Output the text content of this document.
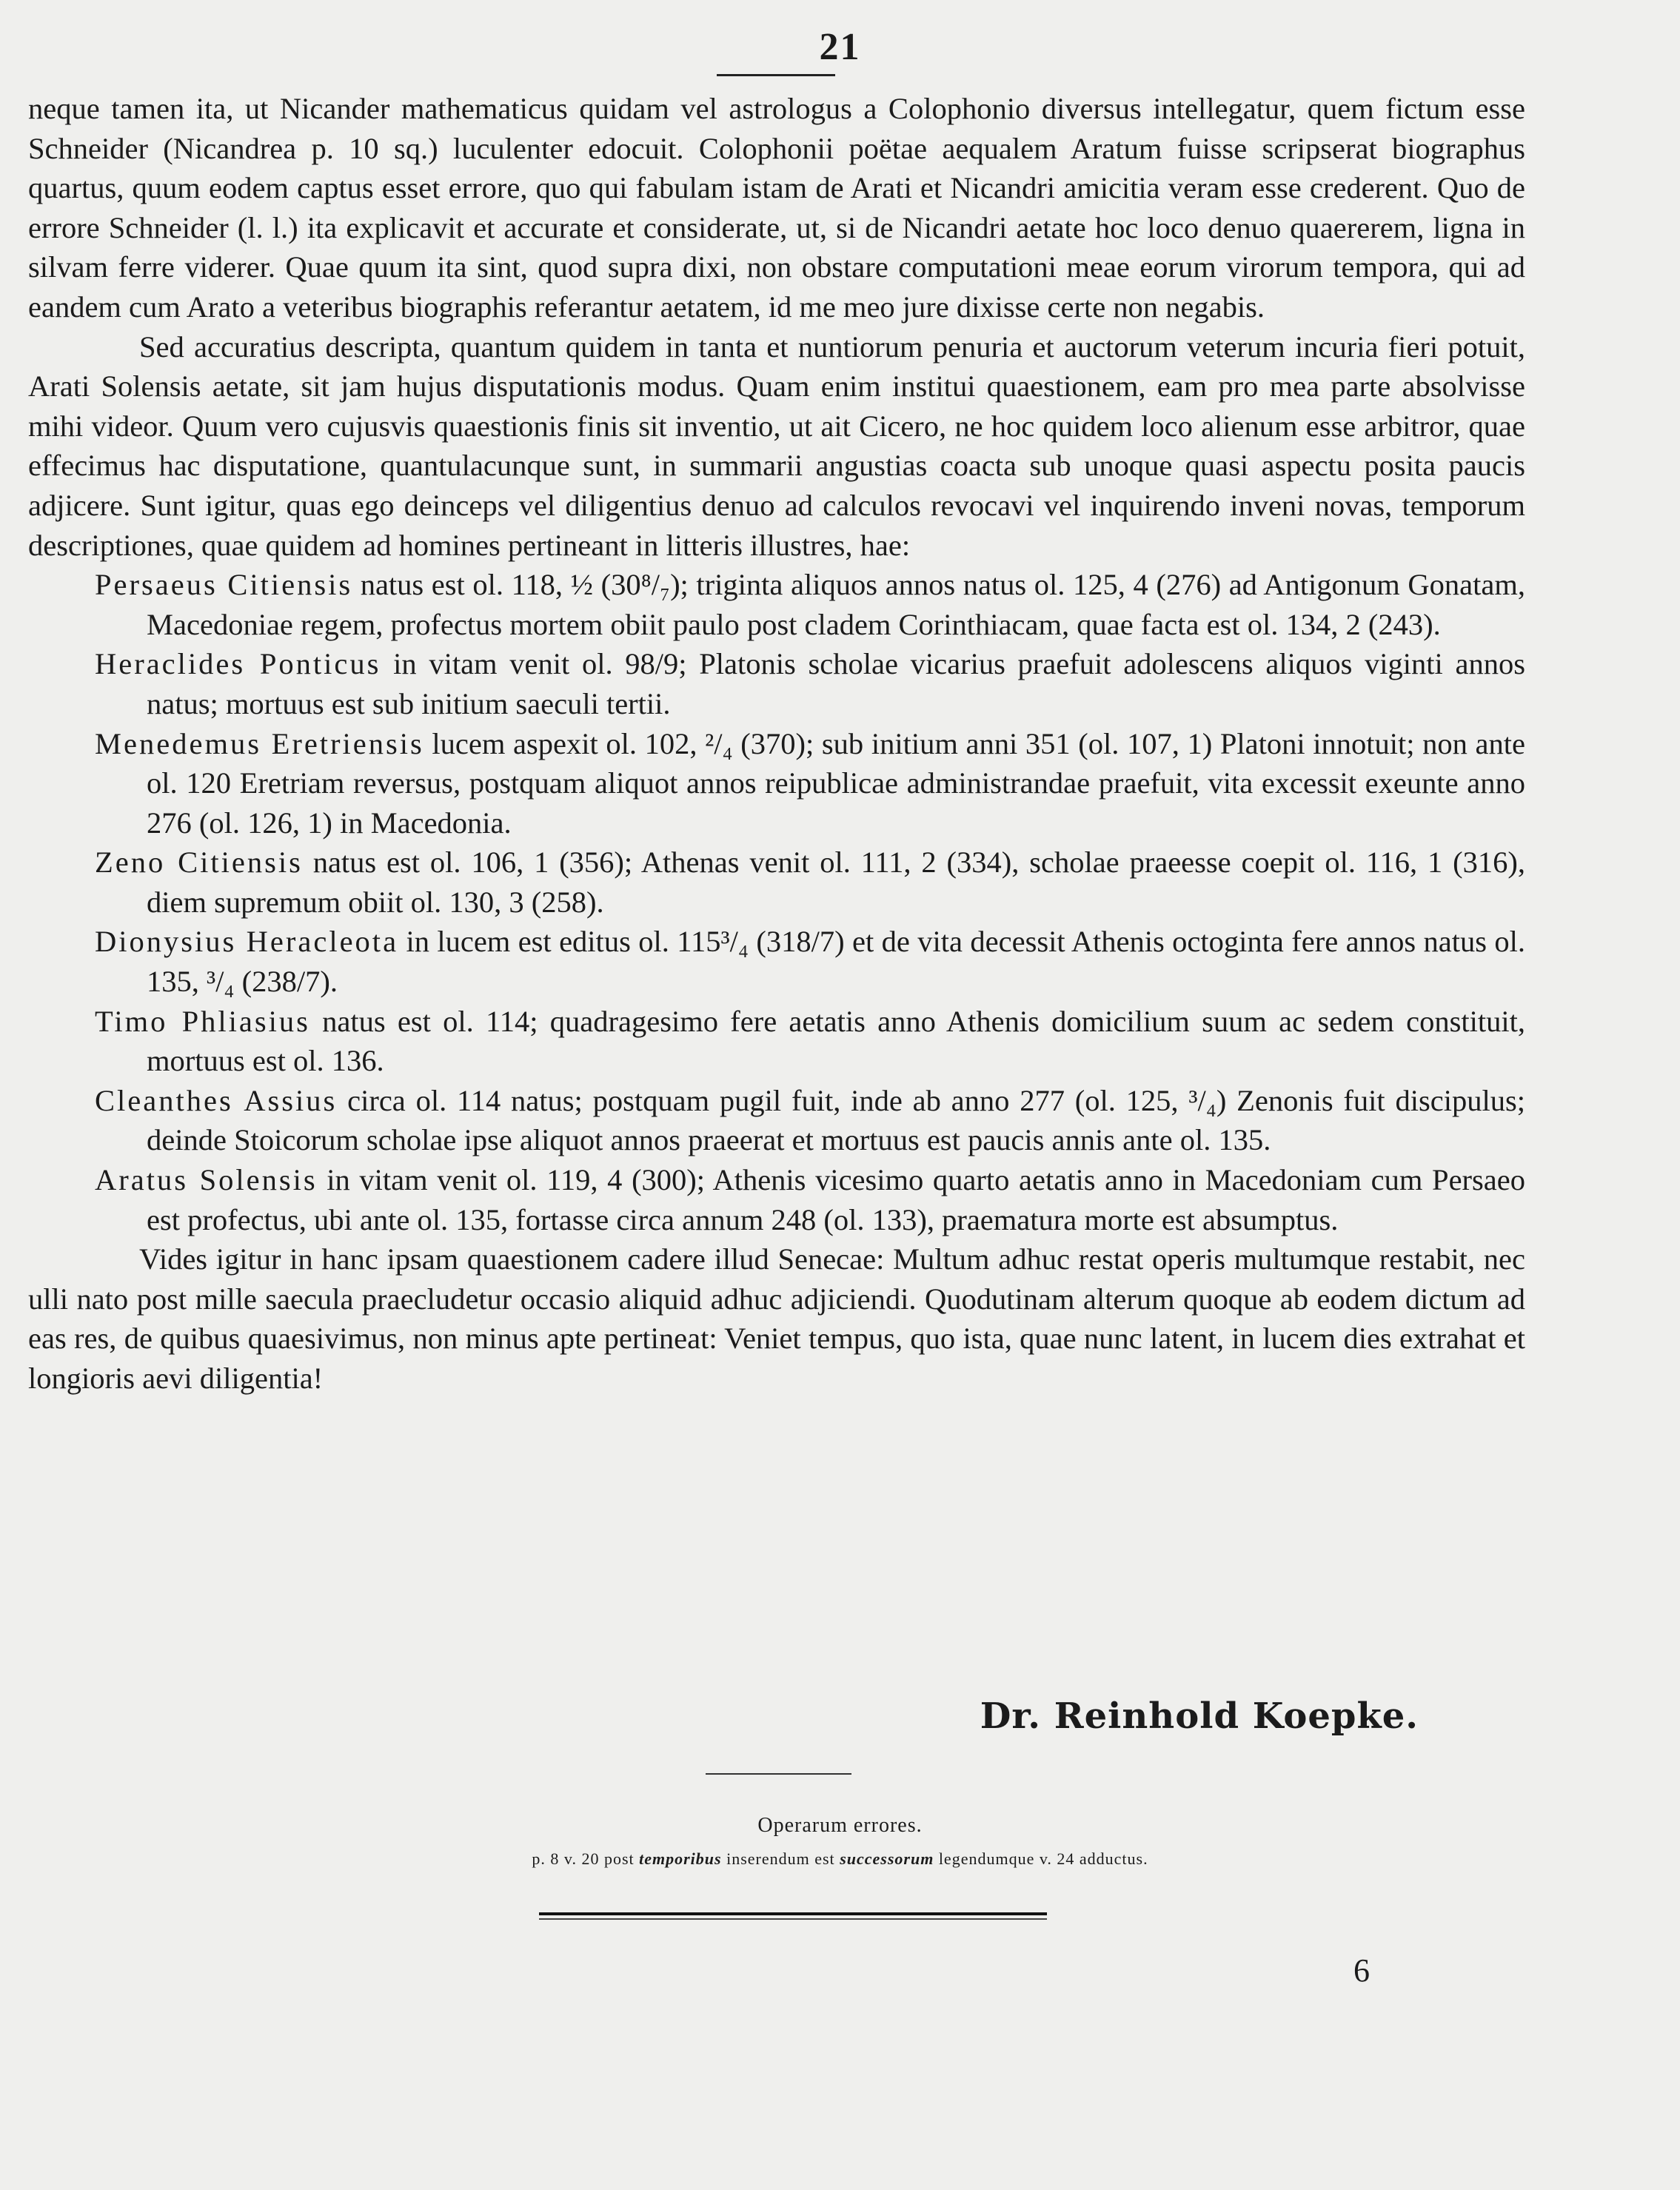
21

neque tamen ita, ut Nicander mathematicus quidam vel astrologus a Colophonio diversus intellegatur, quem fictum esse Schneider (Nicandrea p. 10 sq.) luculenter edocuit. Colophonii poëtae aequalem Aratum fuisse scripserat biographus quartus, quum eodem captus esset errore, quo qui fabulam istam de Arati et Nicandri amicitia veram esse crederent. Quo de errore Schneider (l. l.) ita explicavit et accurate et considerate, ut, si de Nicandri aetate hoc loco denuo quaererem, ligna in silvam ferre viderer. Quae quum ita sint, quod supra dixi, non obstare computationi meae eorum virorum tempora, qui ad eandem cum Arato a veteribus biographis referantur aetatem, id me meo jure dixisse certe non negabis.

Sed accuratius descripta, quantum quidem in tanta et nuntiorum penuria et auctorum veterum incuria fieri potuit, Arati Solensis aetate, sit jam hujus disputationis modus. Quam enim institui quaestionem, eam pro mea parte absolvisse mihi videor. Quum vero cujusvis quaestionis finis sit inventio, ut ait Cicero, ne hoc quidem loco alienum esse arbitror, quae effecimus hac disputatione, quantulacunque sunt, in summarii angustias coacta sub unoque quasi aspectu posita paucis adjicere. Sunt igitur, quas ego deinceps vel diligentius denuo ad calculos revocavi vel inquirendo inveni novas, temporum descriptiones, quae quidem ad homines pertineant in litteris illustres, hae:

Persaeus Citiensis natus est ol. 118, ½ (30⁸/₇); triginta aliquos annos natus ol. 125, 4 (276) ad Antigonum Gonatam, Macedoniae regem, profectus mortem obiit paulo post cladem Corinthiacam, quae facta est ol. 134, 2 (243).

Heraclides Ponticus in vitam venit ol. 98/9; Platonis scholae vicarius praefuit adolescens aliquos viginti annos natus; mortuus est sub initium saeculi tertii.

Menedemus Eretriensis lucem aspexit ol. 102, ²/₄ (370); sub initium anni 351 (ol. 107, 1) Platoni innotuit; non ante ol. 120 Eretriam reversus, postquam aliquot annos reipublicae administrandae praefuit, vita excessit exeunte anno 276 (ol. 126, 1) in Macedonia.

Zeno Citiensis natus est ol. 106, 1 (356); Athenas venit ol. 111, 2 (334), scholae praeesse coepit ol. 116, 1 (316), diem supremum obiit ol. 130, 3 (258).

Dionysius Heracleota in lucem est editus ol. 115³/₄ (318/7) et de vita decessit Athenis octoginta fere annos natus ol. 135, ³/₄ (238/7).

Timo Phliasius natus est ol. 114; quadragesimo fere aetatis anno Athenis domicilium suum ac sedem constituit, mortuus est ol. 136.

Cleanthes Assius circa ol. 114 natus; postquam pugil fuit, inde ab anno 277 (ol. 125, ³/₄) Zenonis fuit discipulus; deinde Stoicorum scholae ipse aliquot annos praeerat et mortuus est paucis annis ante ol. 135.

Aratus Solensis in vitam venit ol. 119, 4 (300); Athenis vicesimo quarto aetatis anno in Macedoniam cum Persaeo est profectus, ubi ante ol. 135, fortasse circa annum 248 (ol. 133), praematura morte est absumptus.

Vides igitur in hanc ipsam quaestionem cadere illud Senecae: Multum adhuc restat operis multumque restabit, nec ulli nato post mille saecula praecludetur occasio aliquid adhuc adjiciendi. Quodutinam alterum quoque ab eodem dictum ad eas res, de quibus quaesivimus, non minus apte pertineat: Veniet tempus, quo ista, quae nunc latent, in lucem dies extrahat et longioris aevi diligentia!

Dr. Reinhold Koepke.
Operarum errores.
p. 8 v. 20 post temporibus inserendum est successorum legendumque v. 24 adductus.
6
